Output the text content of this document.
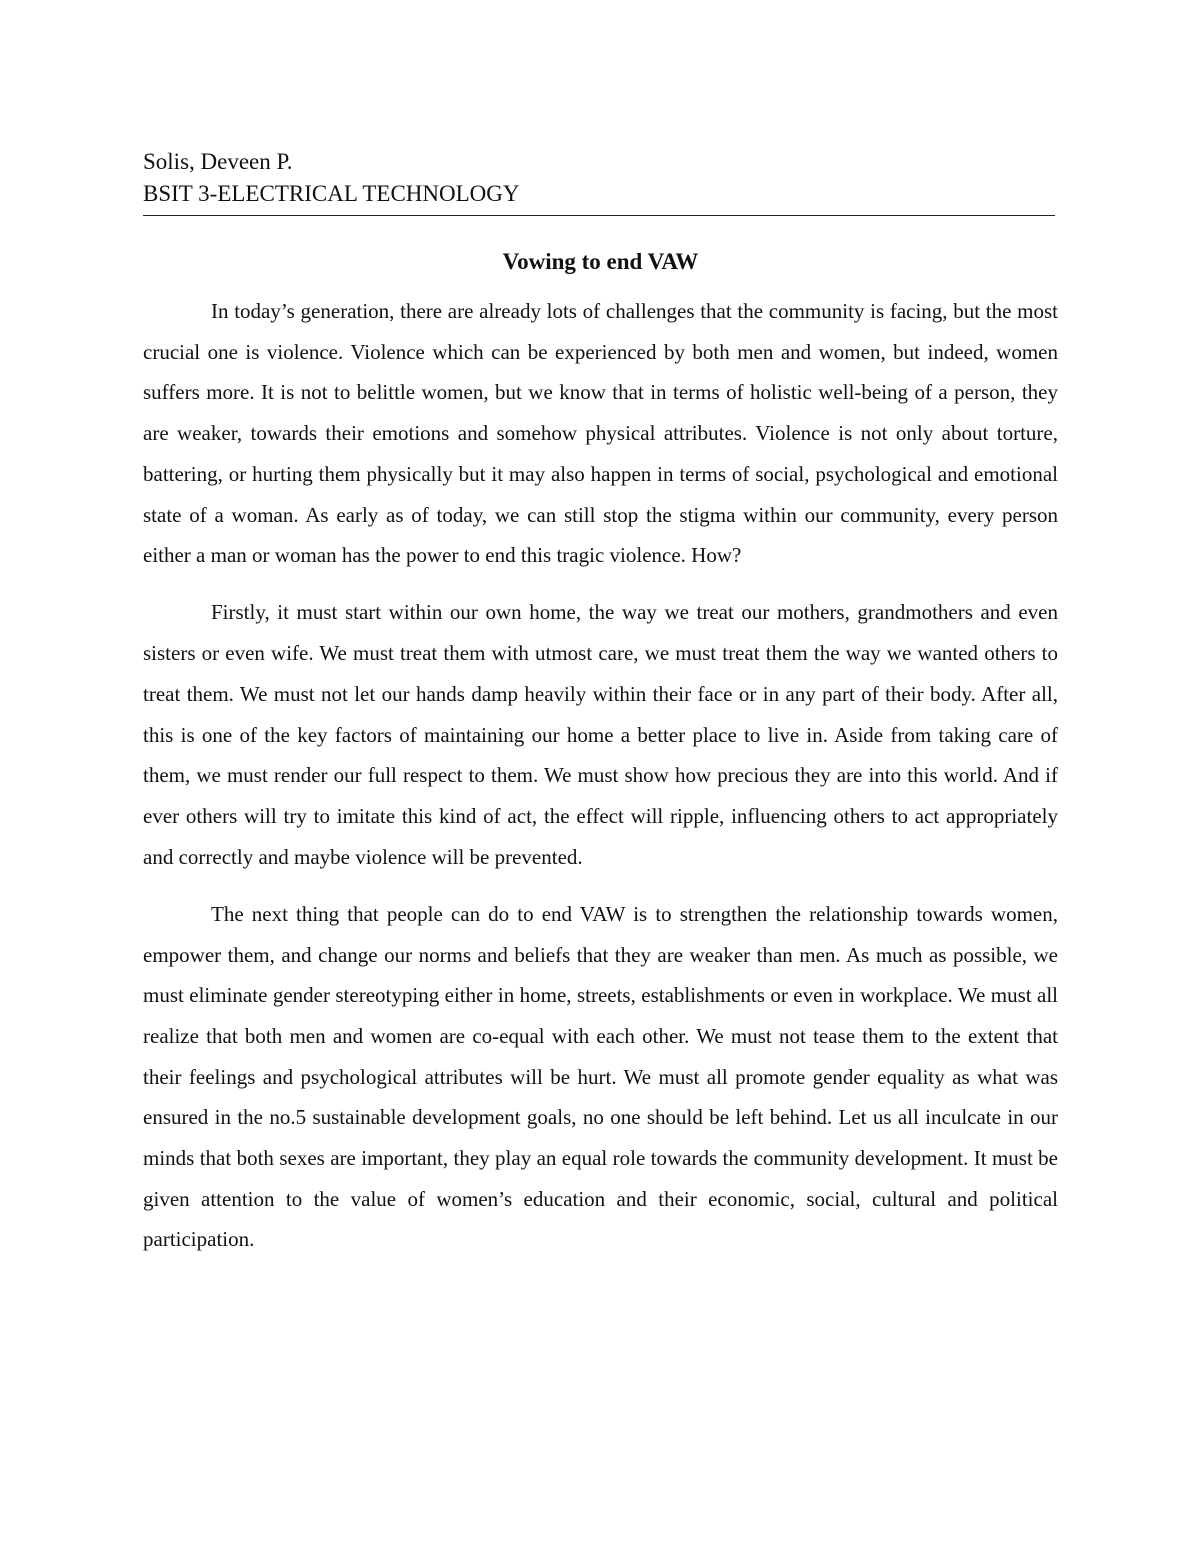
Solis, Deveen P.
BSIT 3-ELECTRICAL TECHNOLOGY
Vowing to end VAW

In today’s generation, there are already lots of challenges that the community is facing, but the most crucial one is violence. Violence which can be experienced by both men and women, but indeed, women suffers more. It is not to belittle women, but we know that in terms of holistic well-being of a person, they are weaker, towards their emotions and somehow physical attributes. Violence is not only about torture, battering, or hurting them physically but it may also happen in terms of social, psychological and emotional state of a woman. As early as of today, we can still stop the stigma within our community, every person either a man or woman has the power to end this tragic violence. How?

Firstly, it must start within our own home, the way we treat our mothers, grandmothers and even sisters or even wife. We must treat them with utmost care, we must treat them the way we wanted others to treat them. We must not let our hands damp heavily within their face or in any part of their body. After all, this is one of the key factors of maintaining our home a better place to live in. Aside from taking care of them, we must render our full respect to them. We must show how precious they are into this world. And if ever others will try to imitate this kind of act, the effect will ripple, influencing others to act appropriately and correctly and maybe violence will be prevented.

The next thing that people can do to end VAW is to strengthen the relationship towards women, empower them, and change our norms and beliefs that they are weaker than men. As much as possible, we must eliminate gender stereotyping either in home, streets, establishments or even in workplace. We must all realize that both men and women are co-equal with each other. We must not tease them to the extent that their feelings and psychological attributes will be hurt. We must all promote gender equality as what was ensured in the no.5 sustainable development goals, no one should be left behind. Let us all inculcate in our minds that both sexes are important, they play an equal role towards the community development. It must be given attention to the value of women’s education and their economic, social, cultural and political participation.
